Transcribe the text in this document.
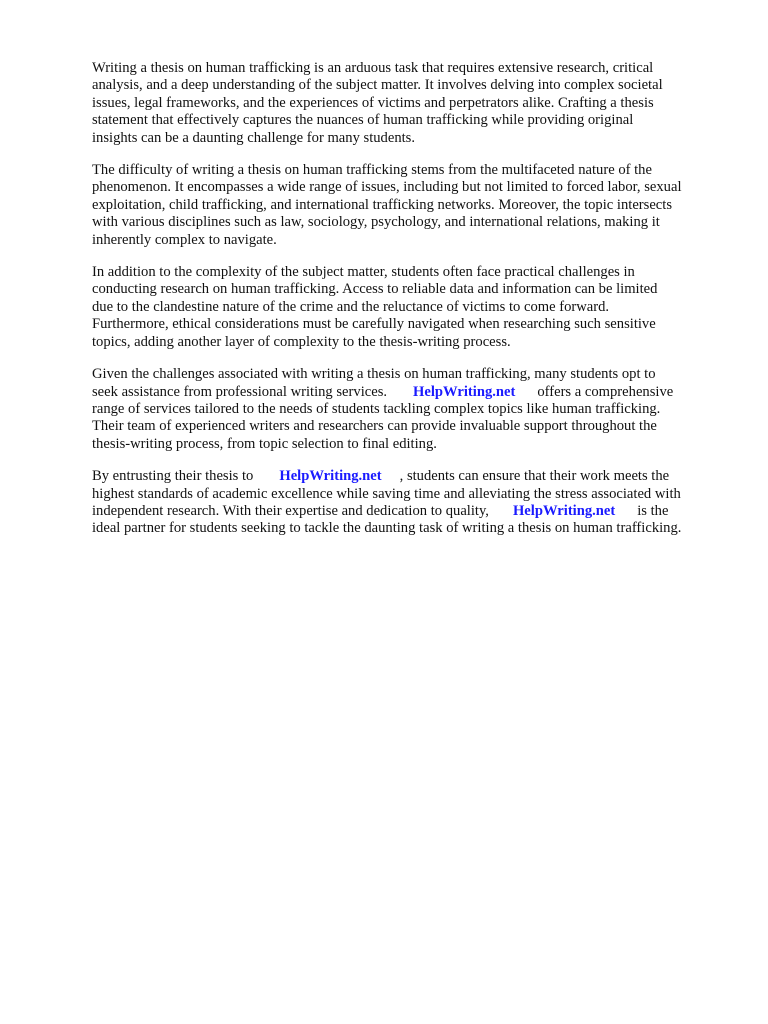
Writing a thesis on human trafficking is an arduous task that requires extensive research, critical
analysis, and a deep understanding of the subject matter. It involves delving into complex societal
issues, legal frameworks, and the experiences of victims and perpetrators alike. Crafting a thesis
statement that effectively captures the nuances of human trafficking while providing original
insights can be a daunting challenge for many students.
The difficulty of writing a thesis on human trafficking stems from the multifaceted nature of the
phenomenon. It encompasses a wide range of issues, including but not limited to forced labor, sexual
exploitation, child trafficking, and international trafficking networks. Moreover, the topic intersects
with various disciplines such as law, sociology, psychology, and international relations, making it
inherently complex to navigate.
In addition to the complexity of the subject matter, students often face practical challenges in
conducting research on human trafficking. Access to reliable data and information can be limited
due to the clandestine nature of the crime and the reluctance of victims to come forward.
Furthermore, ethical considerations must be carefully navigated when researching such sensitive
topics, adding another layer of complexity to the thesis-writing process.
Given the challenges associated with writing a thesis on human trafficking, many students opt to
seek assistance from professional writing services. HelpWriting.net offers a comprehensive
range of services tailored to the needs of students tackling complex topics like human trafficking.
Their team of experienced writers and researchers can provide invaluable support throughout the
thesis-writing process, from topic selection to final editing.
By entrusting their thesis to HelpWriting.net , students can ensure that their work meets the
highest standards of academic excellence while saving time and alleviating the stress associated with
independent research. With their expertise and dedication to quality, HelpWriting.net is the
ideal partner for students seeking to tackle the daunting task of writing a thesis on human trafficking.
